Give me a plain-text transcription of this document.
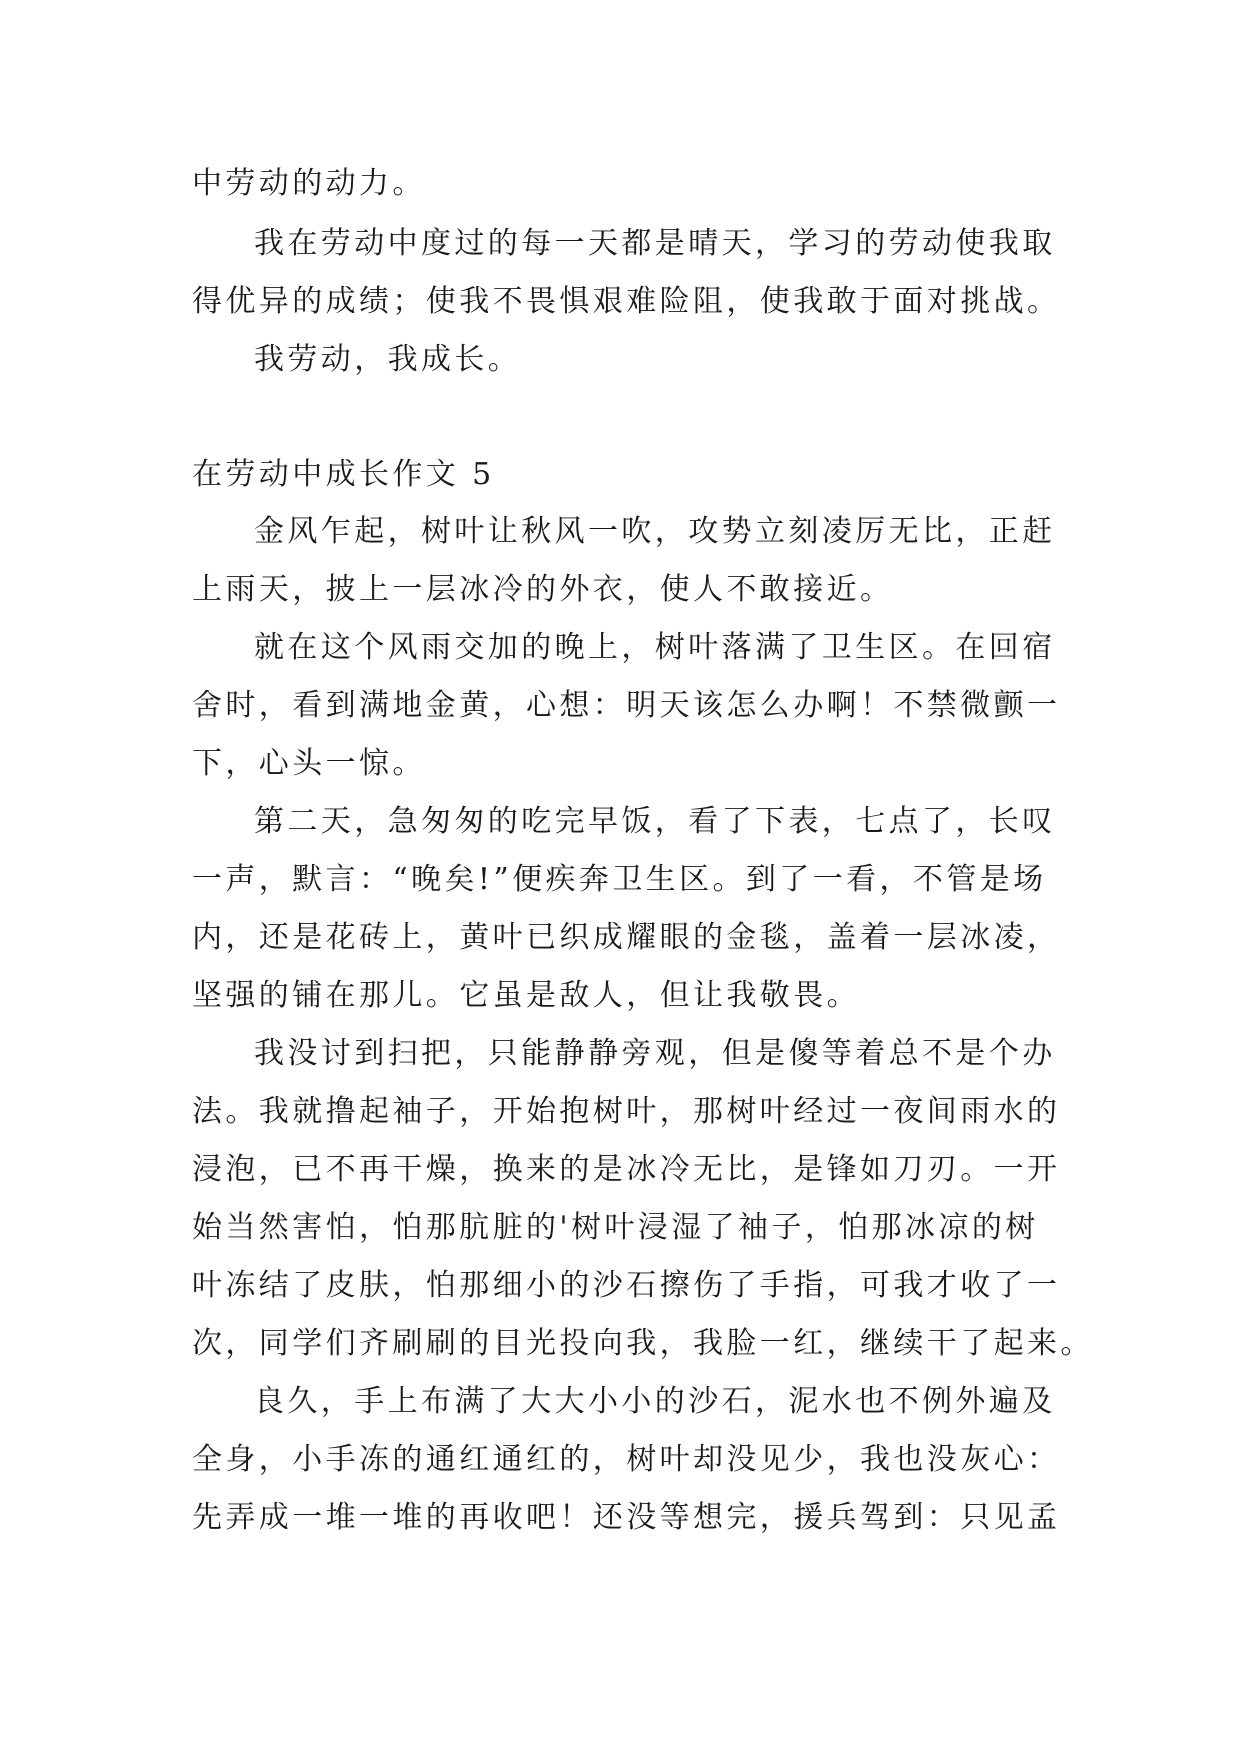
中劳动的动力。
我在劳动中度过的每一天都是晴天，学习的劳动使我取
得优异的成绩；使我不畏惧艰难险阻，使我敢于面对挑战。
我劳动，我成长。
在劳动中成长作文 5
金风乍起，树叶让秋风一吹，攻势立刻凌厉无比，正赶
上雨天，披上一层冰冷的外衣，使人不敢接近。
就在这个风雨交加的晚上，树叶落满了卫生区。在回宿
舍时，看到满地金黄，心想：明天该怎么办啊！不禁微颤一
下，心头一惊。
第二天，急匆匆的吃完早饭，看了下表，七点了，长叹
一声，默言：“晚矣!”便疾奔卫生区。到了一看，不管是场
内，还是花砖上，黄叶已织成耀眼的金毯，盖着一层冰凌，
坚强的铺在那儿。它虽是敌人，但让我敬畏。
我没讨到扫把，只能静静旁观，但是傻等着总不是个办
法。我就撸起袖子，开始抱树叶，那树叶经过一夜间雨水的
浸泡，已不再干燥，换来的是冰冷无比，是锋如刀刃。一开
始当然害怕，怕那肮脏的'树叶浸湿了袖子，怕那冰凉的树
叶冻结了皮肤，怕那细小的沙石擦伤了手指，可我才收了一
次，同学们齐刷刷的目光投向我，我脸一红，继续干了起来。
良久，手上布满了大大小小的沙石，泥水也不例外遍及
全身，小手冻的通红通红的，树叶却没见少，我也没灰心：
先弄成一堆一堆的再收吧！还没等想完，援兵驾到：只见孟
